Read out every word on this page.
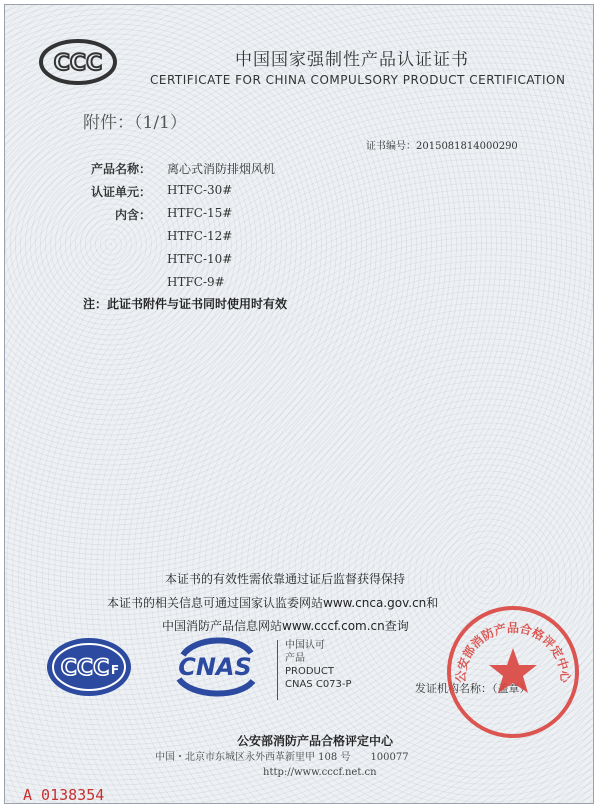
CCC	中国国家强制性产品认证证书
CERTIFICATE FOR CHINA COMPULSORY PRODUCT CERTIFICATION
附件：（1/1）
证书编号：2015081814000290
产品名称： 离心式消防排烟风机
认证单元： HTFC-30#
内含： HTFC-15#
HTFC-12#
HTFC-10#
HTFC-9#
注：此证书附件与证书同时使用时有效
本证书的有效性需依靠通过证后监督获得保持
本证书的相关信息可通过国家认监委网站www.cnca.gov.cn和
中国消防产品信息网站www.cccf.com.cn查询
CCC F CNAS
中国认可
产品
PRODUCT
CNAS C073-P	发证机构名称：（盖章）
公安部消防产品合格评定中心
公安部消防产品合格评定中心
中国・北京市东城区永外西革新里甲 108 号　　100077
http://www.cccf.net.cn
A 0138354
